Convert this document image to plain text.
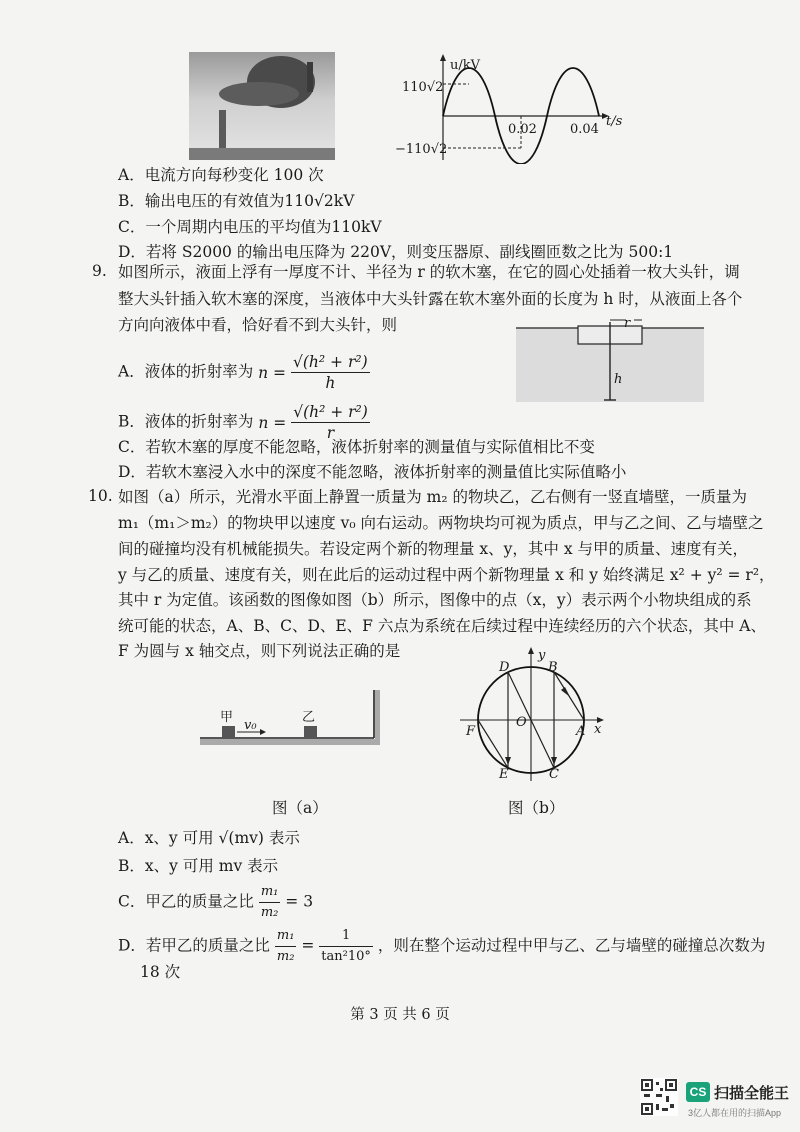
u/kV
110√2
−110√2
0.02	0.04
t/s
A．电流方向每秒变化 100 次
B．输出电压的有效值为110√2kV
C．一个周期内电压的平均值为110kV
D．若将 S2000 的输出电压降为 220V，则变压器原、副线圈匝数之比为 500:1
9. 如图所示，液面上浮有一厚度不计、半径为 r 的软木塞，在它的圆心处插着一枚大头针，调
整大头针插入软木塞的深度，当液体中大头针露在软木塞外面的长度为 h 时，从液面上各个
方向向液体中看，恰好看不到大头针，则
A．液体的折射率为 $n = \frac{\text{√(h² + r²)}}{h}$
B．液体的折射率为 $n = \frac{\text{√(h² + r²)}}{r}$
C．若软木塞的厚度不能忽略，液体折射率的测量值与实际值相比不变
D．若软木塞浸入水中的深度不能忽略，液体折射率的测量值比实际值略小
r
h
10. 如图（a）所示，光滑水平面上静置一质量为 m₂ 的物块乙，乙右侧有一竖直墙壁，一质量为
m₁（m₁＞m₂）的物块甲以速度 v₀ 向右运动。两物块均可视为质点，甲与乙之间、乙与墙壁之
间的碰撞均没有机械能损失。若设定两个新的物理量 x、y，其中 x 与甲的质量、速度有关，
y 与乙的质量、速度有关，则在此后的运动过程中两个新物理量 x 和 y 始终满足 x² + y² = r²，
其中 r 为定值。该函数的图像如图（b）所示，图像中的点（x，y）表示两个小物块组成的系
统可能的状态，A、B、C、D、E、F 六点为系统在后续过程中连续经历的六个状态，其中 A、
F 为圆与 x 轴交点，则下列说法正确的是
甲	乙
v₀
图（a）
D	B
O
F	A
E	C
y
x
图（b）
A．x、y 可用 √(mv) 表示
B．x、y 可用 mv 表示
C．甲乙的质量之比 $\frac{\text{m₁}}{\text{m₂}} = 3$
D．若甲乙的质量之比 $\frac{\text{m₁}}{\text{m₂}} = \frac{1}{\text{tan²10°}}$ ，则在整个运动过程中甲与乙、乙与墙壁的碰撞总次数为
18 次
第 3 页 共 6 页
CS 扫描全能王
3亿人都在用的扫描App
